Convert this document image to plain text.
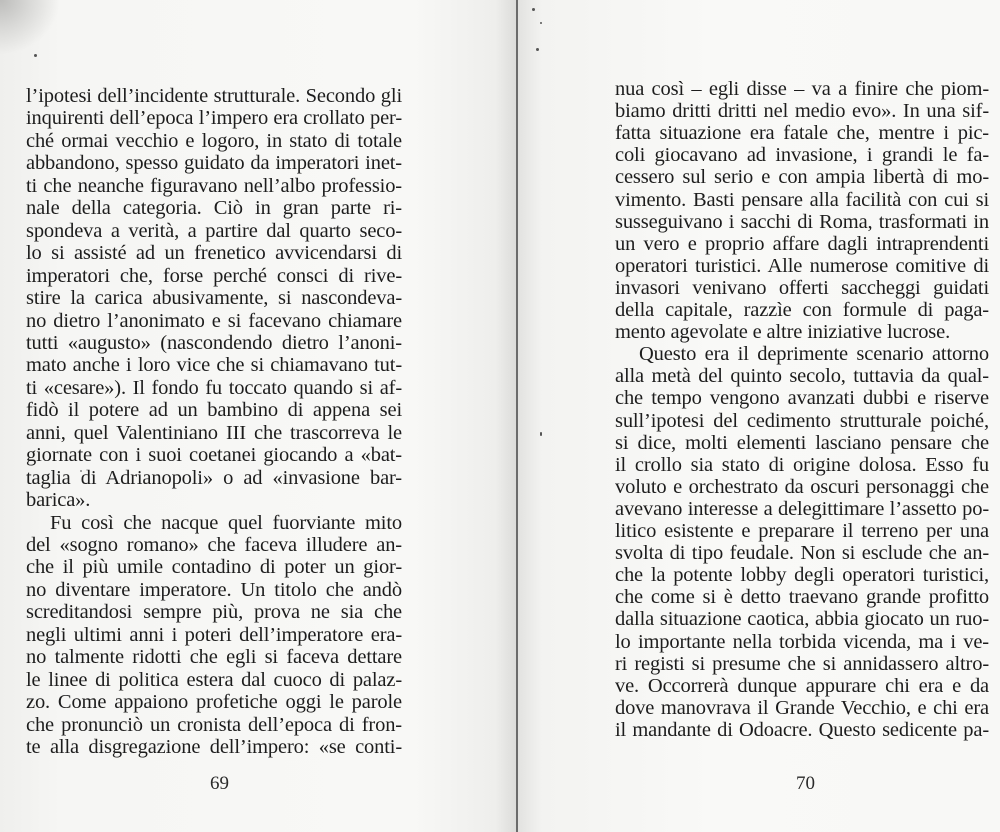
l’ipotesi dell’incidente strutturale. Secondo gli

inquirenti dell’epoca l’impero era crollato per-

ché ormai vecchio e logoro, in stato di totale

abbandono, spesso guidato da imperatori inet-

ti che neanche figuravano nell’albo professio-

nale della categoria. Ciò in gran parte ri-

spondeva a verità, a partire dal quarto seco-

lo si assisté ad un frenetico avvicendarsi di

imperatori che, forse perché consci di rive-

stire la carica abusivamente, si nascondeva-

no dietro l’anonimato e si facevano chiamare

tutti «augusto» (nascondendo dietro l’anoni-

mato anche i loro vice che si chiamavano tut-

ti «cesare»). Il fondo fu toccato quando si af-

fidò il potere ad un bambino di appena sei

anni, quel Valentiniano III che trascorreva le

giornate con i suoi coetanei giocando a «bat-

taglia di Adrianopoli» o ad «invasione bar-

barica».

Fu così che nacque quel fuorviante mito

del «sogno romano» che faceva illudere an-

che il più umile contadino di poter un gior-

no diventare imperatore. Un titolo che andò

screditandosi sempre più, prova ne sia che

negli ultimi anni i poteri dell’imperatore era-

no talmente ridotti che egli si faceva dettare

le linee di politica estera dal cuoco di palaz-

zo. Come appaiono profetiche oggi le parole

che pronunciò un cronista dell’epoca di fron-

te alla disgregazione dell’impero: «se conti-

69

nua così – egli disse – va a finire che piom-

biamo dritti dritti nel medio evo». In una sif-

fatta situazione era fatale che, mentre i pic-

coli giocavano ad invasione, i grandi le fa-

cessero sul serio e con ampia libertà di mo-

vimento. Basti pensare alla facilità con cui si

susseguivano i sacchi di Roma, trasformati in

un vero e proprio affare dagli intraprendenti

operatori turistici. Alle numerose comitive di

invasori venivano offerti saccheggi guidati

della capitale, razzìe con formule di paga-

mento agevolate e altre iniziative lucrose.

Questo era il deprimente scenario attorno

alla metà del quinto secolo, tuttavia da qual-

che tempo vengono avanzati dubbi e riserve

sull’ipotesi del cedimento strutturale poiché,

si dice, molti elementi lasciano pensare che

il crollo sia stato di origine dolosa. Esso fu

voluto e orchestrato da oscuri personaggi che

avevano interesse a delegittimare l’assetto po-

litico esistente e preparare il terreno per una

svolta di tipo feudale. Non si esclude che an-

che la potente lobby degli operatori turistici,

che come si è detto traevano grande profitto

dalla situazione caotica, abbia giocato un ruo-

lo importante nella torbida vicenda, ma i ve-

ri registi si presume che si annidassero altro-

ve. Occorrerà dunque appurare chi era e da

dove manovrava il Grande Vecchio, e chi era

il mandante di Odoacre. Questo sedicente pa-

70
